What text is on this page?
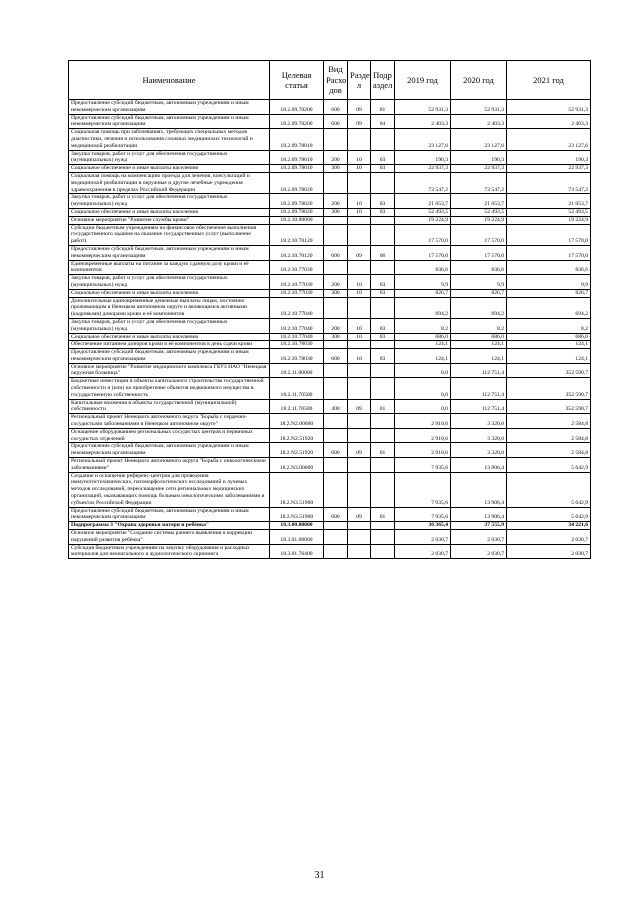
Наименование	Целевая статья	Вид Расхо дов	Разде л	Подр аздел	2019 год	2020 год	2021 год
Предоставление субсидий бюджетным, автономным учреждениям и иным некоммерческим организациям	18.2.09.70200	600	09	01	52 931,3	52 931,3	52 931,3
Предоставление субсидий бюджетным, автономным учреждениям и иным некоммерческим организациям	18.2.09.70200	600	09	04	2 403,3	2 403,3	2 403,3
Социальная помощь при заболеваниях, требующих специальных методов диагностики, лечения и использования сложных медицинских технологий и медицинской реабилитации	18.2.09.78010				23 127,6	23 127,6	23 127,6
Закупка товаров, работ и услуг для обеспечения государственных (муниципальных) нужд	18.2.09.78010	200	10	03	190,3	190,3	190,3
Социальное обеспечение и иные выплаты населению	18.2.09.78010	300	10	03	22 937,3	22 937,3	22 937,3
Социальная помощь на компенсацию проезда для лечения, консультаций и медицинской реабилитации в окружные и другие лечебные учреждения здравоохранения в пределах Российской Федерации	18.2.09.78020				73 547,2	73 547,2	73 547,2
Закупка товаров, работ и услуг для обеспечения государственных (муниципальных) нужд	18.2.09.78020	200	10	03	21 053,7	21 053,7	21 053,7
Социальное обеспечение и иные выплаты населению	18.2.09.78020	300	10	03	52 493,5	52 493,5	52 493,5
Основное мероприятие "Развитие службы крови"	18.2.10.00000				19 224,9	19 224,9	19 224,9
Субсидии бюджетным учреждениям на финансовое обеспечение выполнения государственного задания на оказание государственных услуг (выполнение работ)	18.2.10.70120				17 570,0	17 570,0	17 570,0
Предоставление субсидий бюджетным, автономным учреждениям и иным некоммерческим организациям	18.2.10.70120	600	09	06	17 570,0	17 570,0	17 570,0
Единовременные выплаты на питание за каждую сданную дозу крови и её компонентов	18.2.10.77030				836,6	836,6	836,6
Закупка товаров, работ и услуг для обеспечения государственных (муниципальных) нужд	18.2.10.77030	200	10	03	9,9	9,9	9,9
Социальное обеспечение и иные выплаты населению	18.2.10.77030	300	10	03	826,7	826,7	826,7
Дополнительные единовременные денежные выплаты лицам, постоянно проживающим в Ненецком автономном округе и являющимся активными (кадровыми) донорами крови и её компонентов	18.2.10.77040				694,2	694,2	694,2
Закупка товаров, работ и услуг для обеспечения государственных (муниципальных) нужд	18.2.10.77040	200	10	03	8,2	8,2	8,2
Социальное обеспечение и иные выплаты населению	18.2.10.77040	300	10	03	686,0	686,0	686,0
Обеспечение питанием доноров крови и её компонентов в день сдачи крови	18.2.10.78030				124,1	124,1	124,1
Предоставление субсидий бюджетным, автономным учреждениям и иным некоммерческим организациям	18.2.10.78030	600	10	03	124,1	124,1	124,1
Основное мероприятие "Развитие медицинского комплекса ГБУЗ НАО "Ненецкая окружная больница"	18.2.11.00000				0,0	112 751,4	352 590,7
Бюджетные инвестиции в объекты капитального строительства государственной собственности и (или) на приобретение объектов недвижимого имущества в государственную собственность	18.2.11.70500				0,0	112 751,4	352 590,7
Капитальные вложения в объекты государственной (муниципальной) собственности	18.2.11.70500	400	09	01	0,0	112 751,4	352 590,7
Региональный проект Ненецкого автономного округа "Борьба с сердечно-сосудистыми заболеваниями в Ненецком автономном округе"	18.2.N2.00000				2 910,6	3 320,0	2 584,8
Оснащение оборудованием региональных сосудистых центров и первичных сосудистых отделений	18.2.N2.51920				2 910,6	3 320,0	2 584,8
Предоставление субсидий бюджетным, автономным учреждениям и иным некоммерческим организациям	18.2.N2.51920	600	09	01	2 910,6	3 320,0	2 584,8
Региональный проект Ненецкого автономного округа "Борьба с онкологическими заболеваниями"	18.2.N3.00000				7 935,6	13 906,4	5 642,9
Создание и оснащение референс-центров для проведения иммуногистохимических, патоморфологических исследований и лучевых методов исследований, переоснащение сети региональных медицинских организаций, оказывающих помощь больным онкологическими заболеваниями в субъектах Российской Федерации	18.2.N3.51900				7 935,6	13 906,4	5 642,9
Предоставление субсидий бюджетным, автономным учреждениям и иным некоммерческим организациям	18.2.N3.51900	600	09	01	7 935,6	13 906,4	5 642,9
Подпрограмма 3 "Охрана здоровья матери и ребёнка"	18.3.00.00000				36 365,4	37 555,9	34 221,6
Основное мероприятие "Создание системы раннего выявления и коррекции нарушений развития ребёнка"	18.3.01.00000				2 030,7	2 030,7	2 030,7
Субсидия бюджетным учреждениям на закупку оборудования и расходных материалов для неонатального и аудиологического скрининга	18.3.01.76400				2 030,7	2 030,7	2 030,7
31
